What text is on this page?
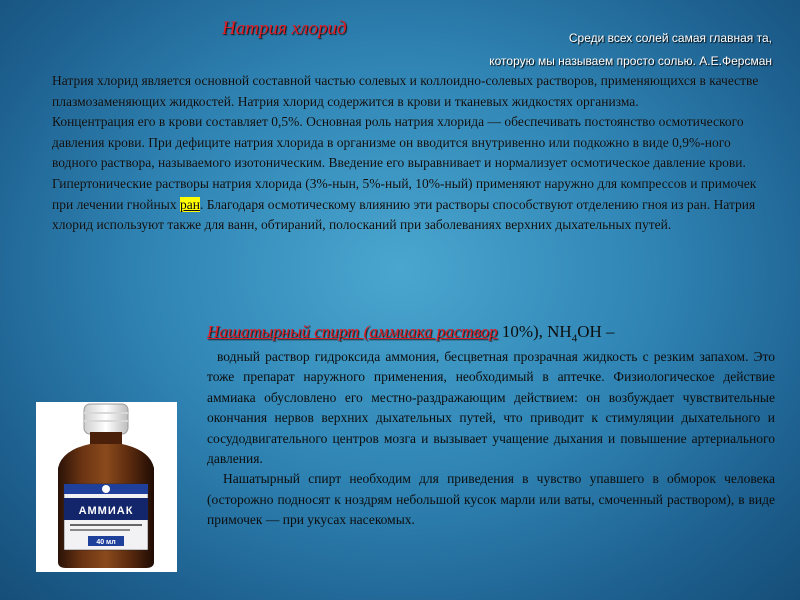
Натрия хлорид	Среди всех солей самая главная та,
которую мы называем просто солью. А.Е.Ферсман

Натрия хлорид является основной составной частью солевых и коллоидно-солевых растворов, применяющихся в качестве плазмозаменяющих жидкостей. Натрия хлорид содержится в крови и тканевых жидкостях организма.

Концентрация его в крови составляет 0,5%. Основная роль натрия хлорида — обеспечивать постоянство осмотического давления крови. При дефиците натрия хлорида в организме он вводится внутривенно или подкожно в виде 0,9%-ного водного раствора, называемого изотоническим. Введение его выравнивает и нормализует осмотическое давление крови.

Гипертонические растворы натрия хлорида (3%-нын, 5%-ный, 10%-ный) применяют наружно для компрессов и примочек при лечении гнойных ран. Благодаря осмотическому влиянию эти растворы способствуют отделению гноя из ран. Натрия хлорид используют также для ванн, обтираний, полосканий при заболеваниях верхних дыхательных путей.

Нашатырный спирт (аммиака раствор 10%), $NH_4OH$ –

водный раствор гидроксида аммония, бесцветная прозрачная жидкость с резким запахом. Это тоже препарат наружного применения, необходимый в аптечке. Физиологическое действие аммиака обусловлено его местно-раздражающим действием: он возбуждает чувствительные окончания нервов верхних дыхательных путей, что приводит к стимуляции дыхательного и сосудодвигательного центров мозга и вызывает учащение дыхания и повышение артериального давления.

Нашатырный спирт необходим для приведения в чувство упавшего в обморок человека (осторожно подносят к ноздрям небольшой кусок марли или ваты, смоченный раствором), в виде примочек — при укусах насекомых.

АММИАК
40 мл
